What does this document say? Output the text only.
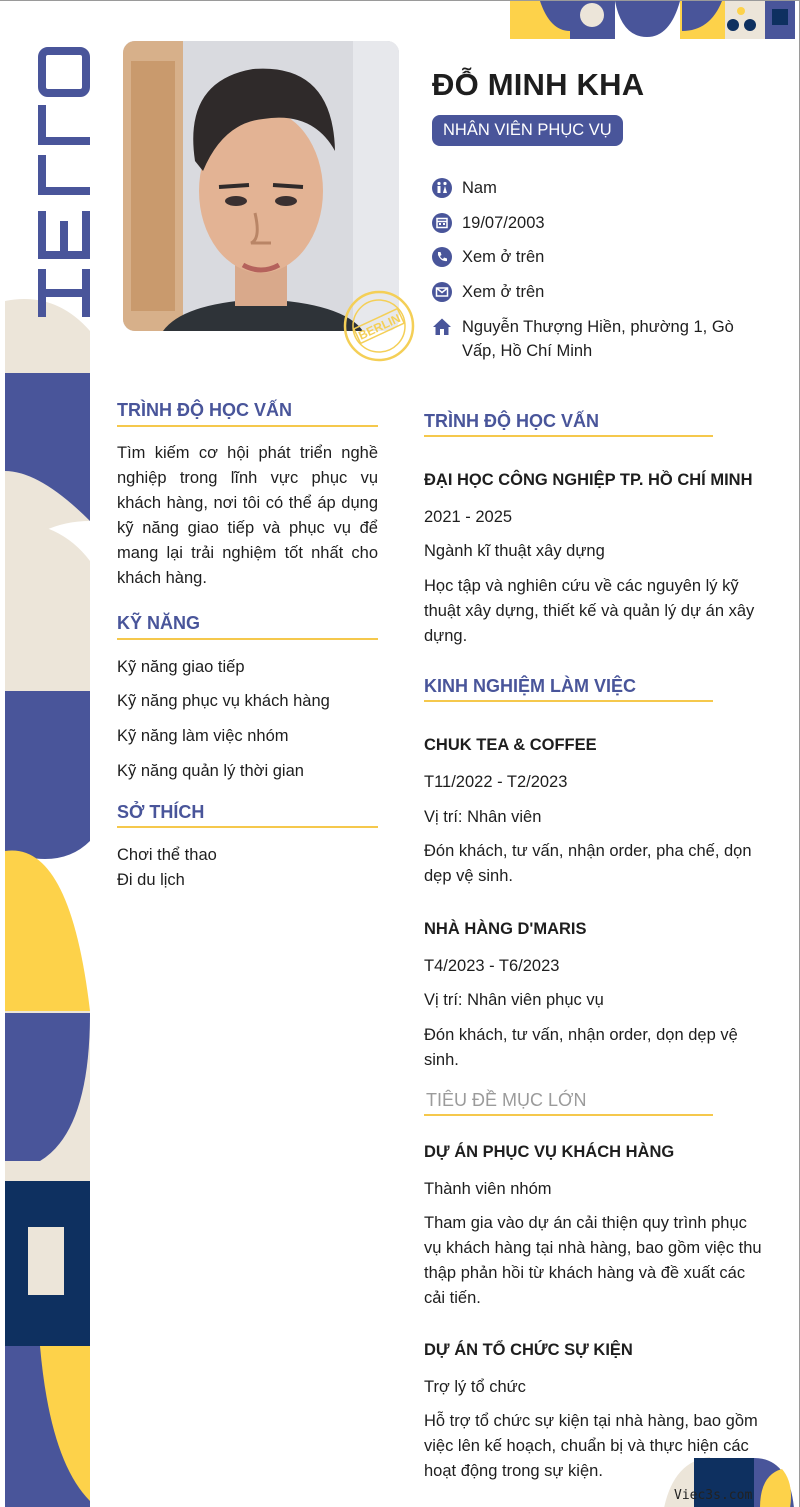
BERLIN
ĐỖ MINH KHA
NHÂN VIÊN PHỤC VỤ
Nam
19/07/2003
Xem ở trên
Xem ở trên
Nguyễn Thượng Hiền, phường 1, Gò Vấp, Hồ Chí Minh
TRÌNH ĐỘ HỌC VẤN
Tìm kiếm cơ hội phát triển nghề nghiệp trong lĩnh vực phục vụ khách hàng, nơi tôi có thể áp dụng kỹ năng giao tiếp và phục vụ để mang lại trải nghiệm tốt nhất cho khách hàng.
KỸ NĂNG
Kỹ năng giao tiếp
Kỹ năng phục vụ khách hàng
Kỹ năng làm việc nhóm
Kỹ năng quản lý thời gian
SỞ THÍCH
Chơi thể thao
Đi du lịch
TRÌNH ĐỘ HỌC VẤN
ĐẠI HỌC CÔNG NGHIỆP TP. HỒ CHÍ MINH
2021 - 2025
Ngành kĩ thuật xây dựng
Học tập và nghiên cứu về các nguyên lý kỹ thuật xây dựng, thiết kế và quản lý dự án xây dựng.
KINH NGHIỆM LÀM VIỆC
CHUK TEA & COFFEE
T11/2022 - T2/2023
Vị trí: Nhân viên
Đón khách, tư vấn, nhận order, pha chế, dọn dẹp vệ sinh.
NHÀ HÀNG D'MARIS
T4/2023 - T6/2023
Vị trí: Nhân viên phục vụ
Đón khách, tư vấn, nhận order, dọn dẹp vệ sinh.
TIÊU ĐỀ MỤC LỚN
DỰ ÁN PHỤC VỤ KHÁCH HÀNG
Thành viên nhóm
Tham gia vào dự án cải thiện quy trình phục vụ khách hàng tại nhà hàng, bao gồm việc thu thập phản hồi từ khách hàng và đề xuất các cải tiến.
DỰ ÁN TỔ CHỨC SỰ KIỆN
Trợ lý tổ chức
Hỗ trợ tổ chức sự kiện tại nhà hàng, bao gồm việc lên kế hoạch, chuẩn bị và thực hiện các hoạt động trong sự kiện.
Viec3s.com
